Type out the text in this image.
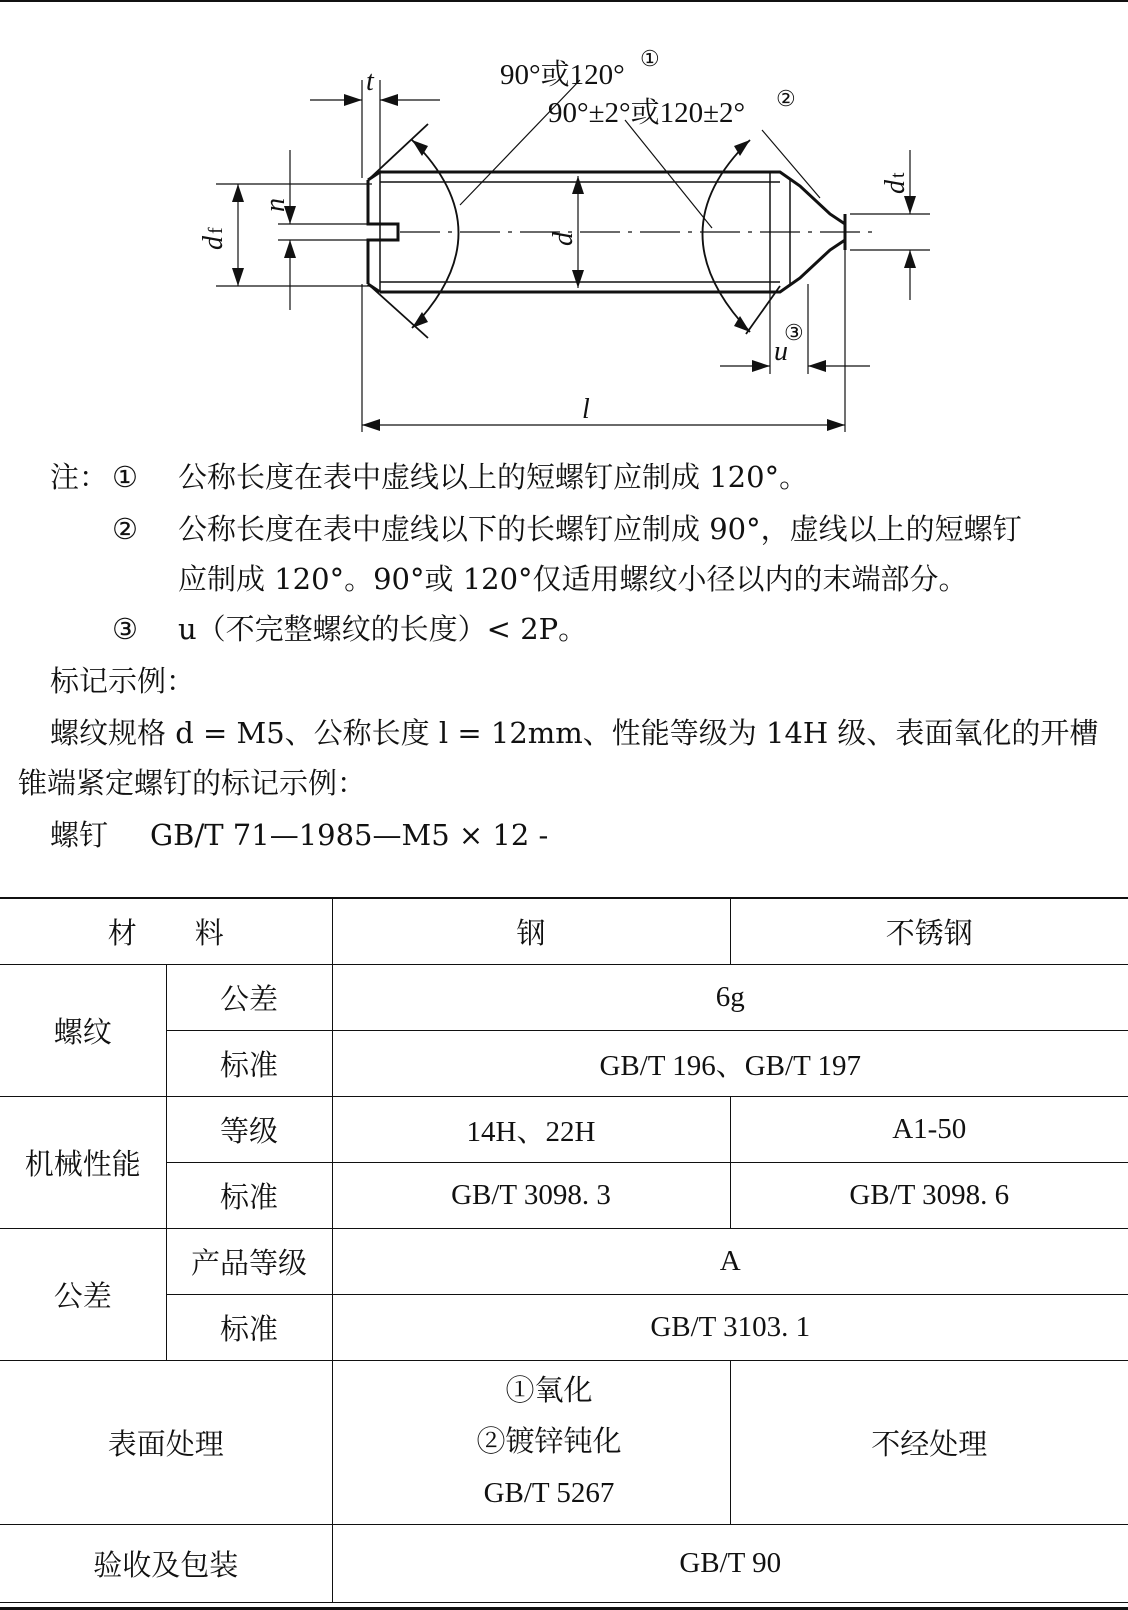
t	90°或120°
①
90°±2°或120±2° ②
n
d
f
d
d
t
u
③
l
注： ① 公称长度在表中虚线以上的短螺钉应制成 120°。
② 公称长度在表中虚线以下的长螺钉应制成 90°，虚线以上的短螺钉
应制成 120°。90°或 120°仅适用螺纹小径以内的末端部分。
③ u（不完整螺纹的长度）< 2P。
标记示例：
螺纹规格 d = M5、公称长度 l = 12mm、性能等级为 14H 级、表面氧化的开槽
锥端紧定螺钉的标记示例：
螺钉 GB/T 71—1985—M5 × 12 -
材　　料		钢	不锈钢
螺纹	公差	6g	
	标准	GB/T 196、GB/T 197	
机械性能	等级	14H、22H	A1-50
	标准	GB/T 3098. 3	GB/T 3098. 6
公差	产品等级	A	
	标准	GB/T 3103. 1	
表面处理		①氧化
②镀锌钝化
GB/T 5267	不经处理
验收及包装		GB/T 90	
